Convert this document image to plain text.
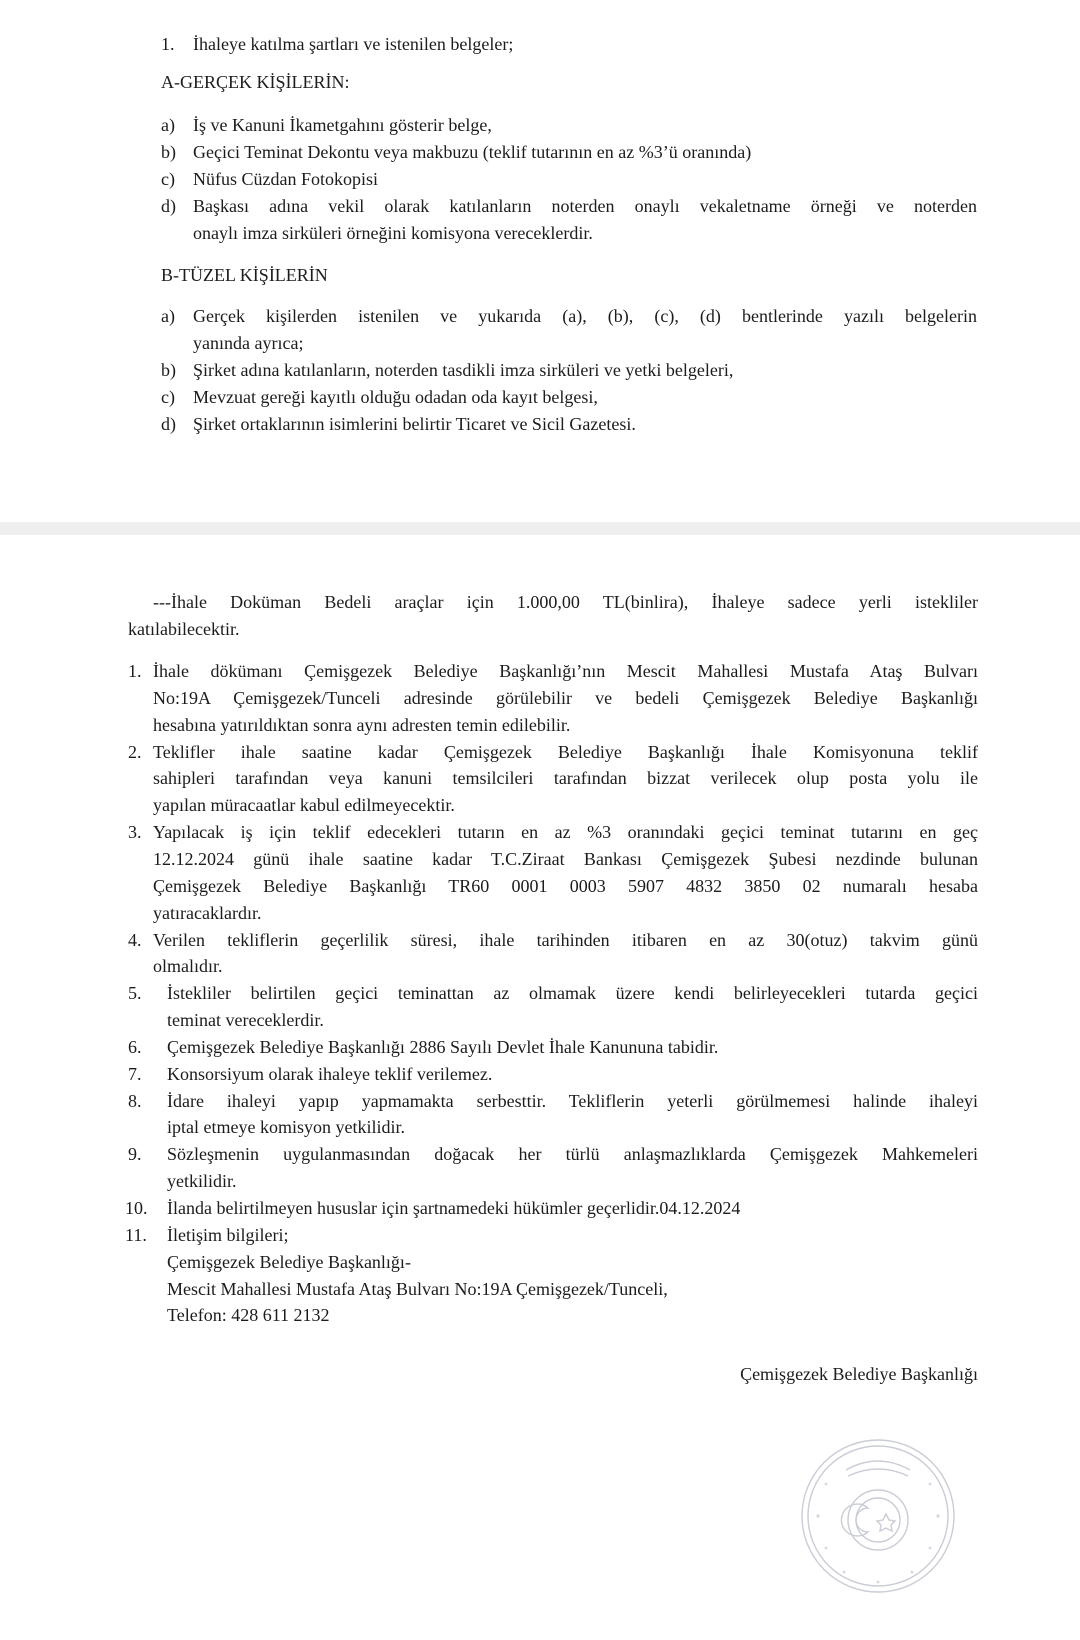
1. İhaleye katılma şartları ve istenilen belgeler;
A-GERÇEK KİŞİLERİN:
a) İş ve Kanuni İkametgahını gösterir belge,
b) Geçici Teminat Dekontu veya makbuzu (teklif tutarının en az %3’ü oranında)
c) Nüfus Cüzdan Fotokopisi
d) Başkası adına vekil olarak katılanların noterden onaylı vekaletname örneği ve noterden
onaylı imza sirküleri örneğini komisyona vereceklerdir.
B-TÜZEL KİŞİLERİN
a) Gerçek kişilerden istenilen ve yukarıda (a), (b), (c), (d) bentlerinde yazılı belgelerin
yanında ayrıca;
b) Şirket adına katılanların, noterden tasdikli imza sirküleri ve yetki belgeleri,
c) Mevzuat gereği kayıtlı olduğu odadan oda kayıt belgesi,
d) Şirket ortaklarının isimlerini belirtir Ticaret ve Sicil Gazetesi.
---İhale Doküman Bedeli araçlar için 1.000,00 TL(binlira), İhaleye sadece yerli istekliler
katılabilecektir.
1. İhale dökümanı Çemişgezek Belediye Başkanlığı’nın Mescit Mahallesi Mustafa Ataş Bulvarı
No:19A Çemişgezek/Tunceli adresinde görülebilir ve bedeli Çemişgezek Belediye Başkanlığı
hesabına yatırıldıktan sonra aynı adresten temin edilebilir.
2. Teklifler ihale saatine kadar Çemişgezek Belediye Başkanlığı İhale Komisyonuna teklif
sahipleri tarafından veya kanuni temsilcileri tarafından bizzat verilecek olup posta yolu ile
yapılan müracaatlar kabul edilmeyecektir.
3. Yapılacak iş için teklif edecekleri tutarın en az %3 oranındaki geçici teminat tutarını en geç
12.12.2024 günü ihale saatine kadar T.C.Ziraat Bankası Çemişgezek Şubesi nezdinde bulunan
Çemişgezek Belediye Başkanlığı TR60 0001 0003 5907 4832 3850 02 numaralı hesaba
yatıracaklardır.
4. Verilen tekliflerin geçerlilik süresi, ihale tarihinden itibaren en az 30(otuz) takvim günü
olmalıdır.
5. İstekliler belirtilen geçici teminattan az olmamak üzere kendi belirleyecekleri tutarda geçici
teminat vereceklerdir.
6. Çemişgezek Belediye Başkanlığı 2886 Sayılı Devlet İhale Kanununa tabidir.
7. Konsorsiyum olarak ihaleye teklif verilemez.
8. İdare ihaleyi yapıp yapmamakta serbesttir. Tekliflerin yeterli görülmemesi halinde ihaleyi
iptal etmeye komisyon yetkilidir.
9. Sözleşmenin uygulanmasından doğacak her türlü anlaşmazlıklarda Çemişgezek Mahkemeleri
yetkilidir.
10. İlanda belirtilmeyen hususlar için şartnamedeki hükümler geçerlidir.04.12.2024
11. İletişim bilgileri;
Çemişgezek Belediye Başkanlığı-
Mescit Mahallesi Mustafa Ataş Bulvarı No:19A Çemişgezek/Tunceli,
Telefon: 428 611 2132
Çemişgezek Belediye Başkanlığı
